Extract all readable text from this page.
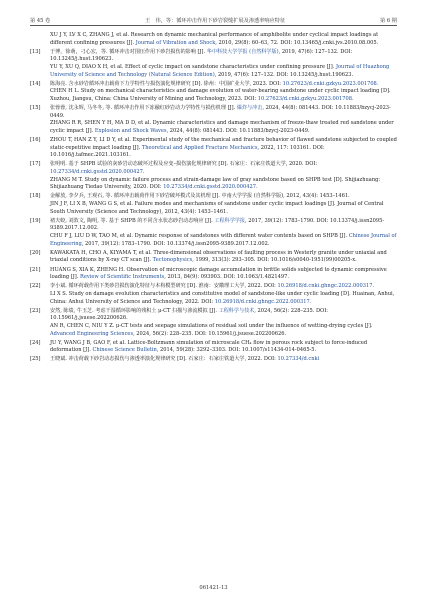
第 45 卷	王　伟，等：循环冲击作用下砂岩裂缝扩展及渗透率响应特征	第 6 期
XU J Y, LV X C, ZHANG J, et al. Research on dynamic mechanical performance of amphibolite under cyclical impact loadings at different confining pressures [J]. Journal of Vibration and Shock, 2010, 29(8): 60–63, 72. DOI: 10.13465/j.cnki.jvs.2010.08.005.
[13]	于博，徐萌，刁心宏，等. 循环冲击对围压作用下砂岩损伤的影响 [J]. 华中科技大学学报 (自然科学版), 2019, 47(6): 127–132. DOI: 10.13245/j.hust.190623.
YU Y, XU Q, DIAO X H, et al. Effect of cyclic impact on sandstone characteristics under confining pressure [J]. Journal of Huazhong University of Science and Technology (Natural Science Edition), 2019, 47(6): 127–132. DOI: 10.13245/j.hust.190623.
[14]	陈海亮. 含水砂岩循环冲击载荷下力学特性与损伤演化规律研究 [D]. 徐州：中国矿业大学, 2023. DOI: 10.27623/d.cnki.gzkyu.2023.001708.
CHEN H L. Study on mechanical characteristics and damage evolution of water-bearing sandstone under cyclic impact loading [D]. Xuzhou, Jiangsu, China: China University of Mining and Technology, 2023. DOI: 10.27623/d.cnki.gzkyu.2023.001708.
[15]	张蓉蓉, 沈永辉, 马冬冬, 等. 循环冲击作用下冻融红砂岩动力学特性与损伤机理 [J]. 爆炸与冲击, 2024, 44(8): 081443. DOI: 10.11883/bzycj-2023-0449.
ZHANG R R, SHEN Y H, MA D D, et al. Dynamic characteristics and damage mechanism of freeze-thaw treated red sandstone under cyclic impact [J]. Explosion and Shock Waves, 2024, 44(8): 081443. DOI: 10.11883/bzycj-2023-0449.
[16]	ZHOU T, HAN Z Y, LI D Y, et al. Experimental study of the mechanical and fracture behavior of flawed sandstone subjected to coupled static-repetitive impact loading [J]. Theoretical and Applied Fracture Mechanics, 2022, 117: 103161. DOI: 10.1016/j.tafmec.2021.103161.
[17]	张明明. 基于 SHPB 试验的灰砂岩动态破坏过程及应变–损伤演化规律研究 [D]. 石家庄：石家庄铁道大学, 2020. DOI: 10.27334/d.cnki.gsstd.2020.000427.
ZHANG M T. Study on dynamic failure process and strain-damage law of gray sandstone based on SHPB test [D]. Shijiazhuang: Shijiazhuang Tiedao University, 2020. DOI: 10.27334/d.cnki.gsstd.2020.000427.
[18]	金解放, 李夕兵, 王观石, 等. 循环冲击载荷作用下砂岩破坏模式及其机理 [J]. 中南大学学报 (自然科学版), 2012, 43(4): 1453–1461.
JIN J F, LI X B, WANG G S, et al. Failure modes and mechanisms of sandstone under cyclic impact loadings [J]. Journal of Central South University (Science and Technology), 2012, 43(4): 1453–1461.
[19]	褚夫蛟, 刘敦文, 陶明, 等. 基于 SHPB 的不同含水状态砂岩动态响应 [J]. 工程科学学报, 2017, 39(12): 1783–1790. DOI: 10.13374/j.issn2095-9389.2017.12.002.
CHU F J, LIU D W, TAO M, et al. Dynamic response of sandstones with different water contents based on SHPB [J]. Chinese Journal of Engineering, 2017, 39(12): 1783–1790. DOI: 10.13374/j.issn2095-9389.2017.12.002.
[20]	KAWAKATA H, CHO A, KIYAMA T, et al. Three-dimensional observations of faulting process in Westerly granite under uniaxial and triaxial conditions by X-ray CT scan [J]. Tectonophysics, 1999, 313(3): 293–305. DOI: 10.1016/s0040-1951(99)00205-x.
[21]	HUANG S, XIA K, ZHENG H. Observation of microscopic damage accumulation in brittle solids subjected to dynamic compressive loading [J]. Review of Scientific Instruments, 2013, 84(9): 093903. DOI: 10.1063/1.4821497.
[22]	李小斌. 循环荷载作用下类砂岩损伤演化特征与本构模型研究 [D]. 淮南：安徽理工大学, 2022. DOI: 10.26918/d.cnki.ghngc.2022.000317.
LI X S. Study on damage evolution characteristics and constitutive model of sandstone-like under cyclic loading [D]. Huainan, Anhui, China: Anhui University of Science and Technology, 2022. DOI: 10.26918/d.cnki.ghngc.2022.000317.
[23]	安然, 陈绩, 牛玉芝. 考虑干湿循环影响的残积土 μ-CT 扫描与渗流模拟 [J]. 工程科学与技术, 2024, 56(2): 228–235. DOI: 10.15961/j.jsuese.202200626.
AN R, CHEN C, NIU Y Z. μ-CT tests and seepage simulations of residual soil under the influence of wetting-drying cycles [J]. Advanced Engineering Sciences, 2024, 56(2): 228–235. DOI: 10.15961/j.jsuese.202200626.
[24]	JU Y, WANG J B, GAO F, et al. Lattice-Boltzmann simulation of microscale CH₄ flow in porous rock subject to force-induced deformation [J]. Chinese Science Bulletin, 2014, 59(28): 3292–3303. DOI: 10.1007/s11434-014-0465-5.
[25]	王晓斌. 冲击荷载下砂岩动态损伤与渗透率演化规律研究 [D]. 石家庄：石家庄铁道大学, 2022. DOI: 10.27334/d.cnki
061421-13
